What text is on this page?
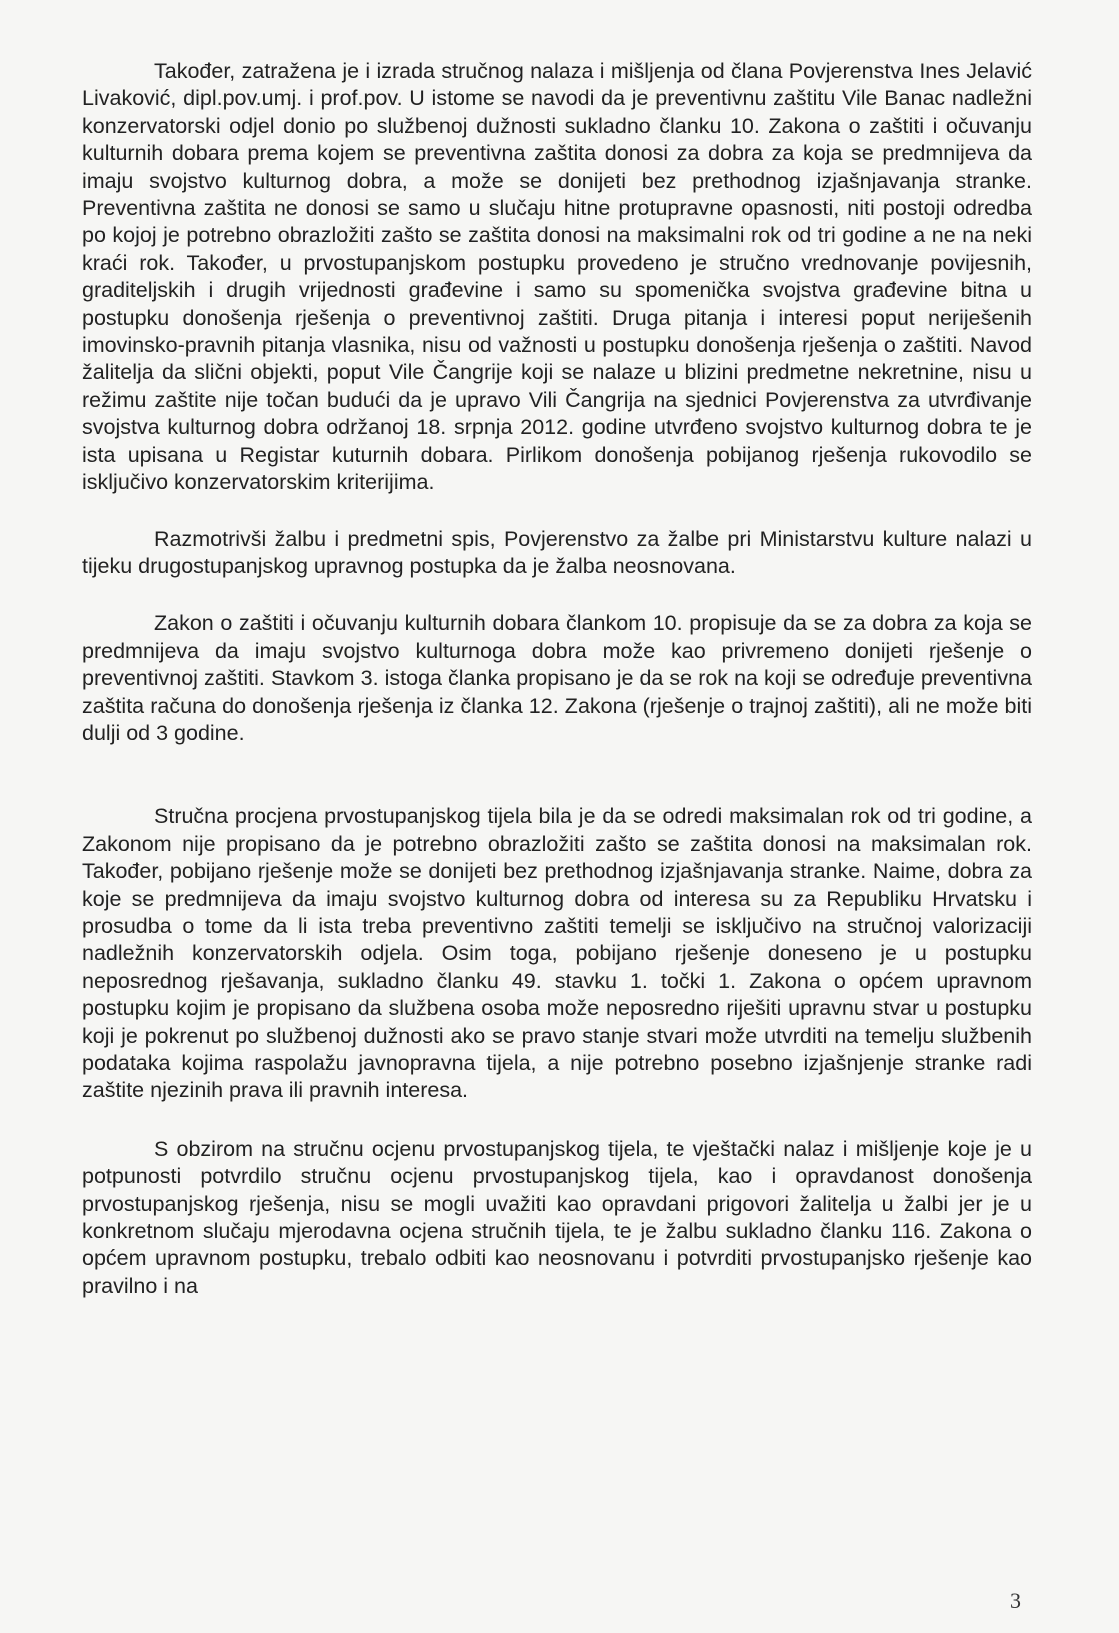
Također, zatražena je i izrada stručnog nalaza i mišljenja od člana Povjerenstva Ines Jelavić Livaković, dipl.pov.umj. i prof.pov. U istome se navodi da je preventivnu zaštitu Vile Banac nadležni konzervatorski odjel donio po službenoj dužnosti sukladno članku 10. Zakona o zaštiti i očuvanju kulturnih dobara prema kojem se preventivna zaštita donosi za dobra za koja se predmnijeva da imaju svojstvo kulturnog dobra, a može se donijeti bez prethodnog izjašnjavanja stranke. Preventivna zaštita ne donosi se samo u slučaju hitne protupravne opasnosti, niti postoji odredba po kojoj je potrebno obrazložiti zašto se zaštita donosi na maksimalni rok od tri godine a ne na neki kraći rok. Također, u prvostupanjskom postupku provedeno je stručno vrednovanje povijesnih, graditeljskih i drugih vrijednosti građevine i samo su spomenička svojstva građevine bitna u postupku donošenja rješenja o preventivnoj zaštiti. Druga pitanja i interesi poput neriješenih imovinsko-pravnih pitanja vlasnika, nisu od važnosti u postupku donošenja rješenja o zaštiti. Navod žalitelja da slični objekti, poput Vile Čangrije koji se nalaze u blizini predmetne nekretnine, nisu u režimu zaštite nije točan budući da je upravo Vili Čangrija na sjednici Povjerenstva za utvrđivanje svojstva kulturnog dobra održanoj 18. srpnja 2012. godine utvrđeno svojstvo kulturnog dobra te je ista upisana u Registar kuturnih dobara. Pirlikom donošenja pobijanog rješenja rukovodilo se isključivo konzervatorskim kriterijima.

Razmotrivši žalbu i predmetni spis, Povjerenstvo za žalbe pri Ministarstvu kulture nalazi u tijeku drugostupanjskog upravnog postupka da je žalba neosnovana.

Zakon o zaštiti i očuvanju kulturnih dobara člankom 10. propisuje da se za dobra za koja se predmnijeva da imaju svojstvo kulturnoga dobra može kao privremeno donijeti rješenje o preventivnoj zaštiti. Stavkom 3. istoga članka propisano je da se rok na koji se određuje preventivna zaštita računa do donošenja rješenja iz članka 12. Zakona (rješenje o trajnoj zaštiti), ali ne može biti dulji od 3 godine.

Stručna procjena prvostupanjskog tijela bila je da se odredi maksimalan rok od tri godine, a Zakonom nije propisano da je potrebno obrazložiti zašto se zaštita donosi na maksimalan rok. Također, pobijano rješenje može se donijeti bez prethodnog izjašnjavanja stranke. Naime, dobra za koje se predmnijeva da imaju svojstvo kulturnog dobra od interesa su za Republiku Hrvatsku i prosudba o tome da li ista treba preventivno zaštiti temelji se isključivo na stručnoj valorizaciji nadležnih konzervatorskih odjela. Osim toga, pobijano rješenje doneseno je u postupku neposrednog rješavanja, sukladno članku 49. stavku 1. točki 1. Zakona o općem upravnom postupku kojim je propisano da službena osoba može neposredno riješiti upravnu stvar u postupku koji je pokrenut po službenoj dužnosti ako se pravo stanje stvari može utvrditi na temelju službenih podataka kojima raspolažu javnopravna tijela, a nije potrebno posebno izjašnjenje stranke radi zaštite njezinih prava ili pravnih interesa.

S obzirom na stručnu ocjenu prvostupanjskog tijela, te vještački nalaz i mišljenje koje je u potpunosti potvrdilo stručnu ocjenu prvostupanjskog tijela, kao i opravdanost donošenja prvostupanjskog rješenja, nisu se mogli uvažiti kao opravdani prigovori žalitelja u žalbi jer je u konkretnom slučaju mjerodavna ocjena stručnih tijela, te je žalbu sukladno članku 116. Zakona o općem upravnom postupku, trebalo odbiti kao neosnovanu i potvrditi prvostupanjsko rješenje kao pravilno i na

3
